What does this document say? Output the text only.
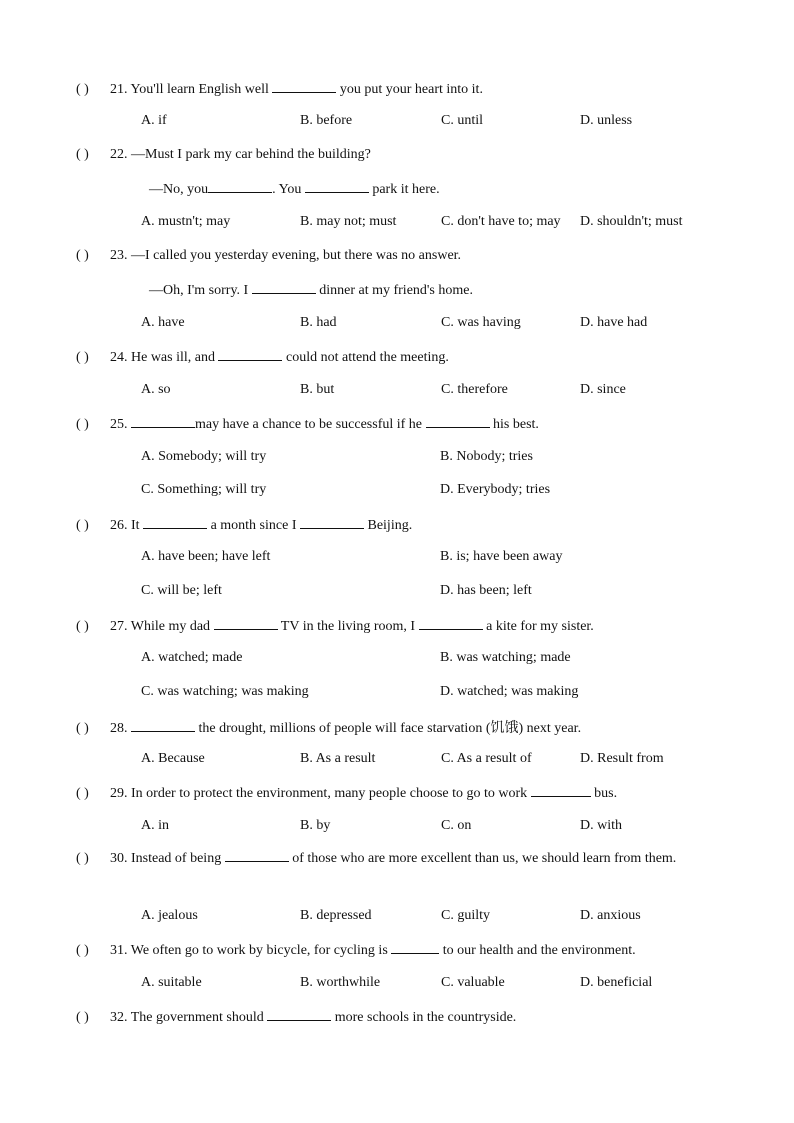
( ) 21. You'll learn English well	you put your heart into it.
A. if	B. before	C. until	D. unless
( ) 22. —Must I park my car behind the building?
—No, you	. You	park it here.
A. mustn't; may	B. may not; must	C. don't have to; may D. shouldn't; must
( ) 23. —I called you yesterday evening, but there was no answer.
—Oh, I'm sorry. I	dinner at my friend's home.
A. have	B. had	C. was having	D. have had
( ) 24. He was ill, and	could not attend the meeting.
A. so	B. but	C. therefore	D. since
( ) 25.	may have a chance to be successful if he	his best.
A. Somebody; will try	B. Nobody; tries
C. Something; will try	D. Everybody; tries
( ) 26. It	a month since I	Beijing.
A. have been; have left	B. is; have been away
C. will be; left	D. has been; left
( ) 27. While my dad	TV in the living room, I	a kite for my sister.
A. watched; made	B. was watching; made
C. was watching; was making	D. watched; was making
( ) 28.	the drought, millions of people will face starvation (饥饿) next year.
A. Because	B. As a result	C. As a result of	D. Result from
( ) 29. In order to protect the environment, many people choose to go to work	bus.
A. in	B. by	C. on	D. with
( ) 30. Instead of being	of those who are more excellent than us, we should learn from them.
A. jealous	B. depressed	C. guilty	D. anxious
( ) 31. We often go to work by bicycle, for cycling is	to our health and the environment.
A. suitable	B. worthwhile	C. valuable	D. beneficial
( ) 32. The government should	more schools in the countryside.
